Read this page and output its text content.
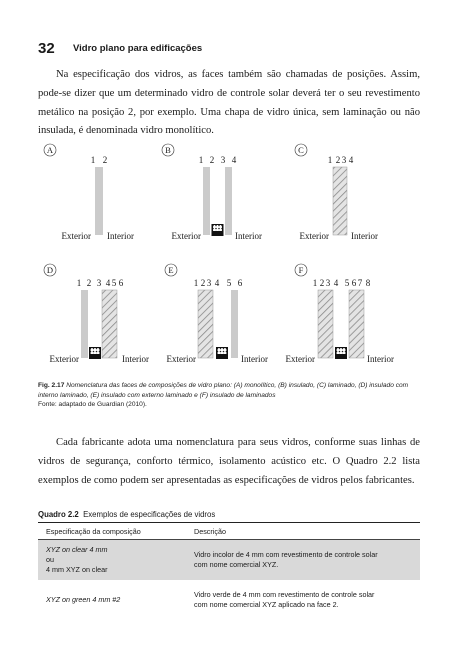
32 Vidro plano para edificações

Na especificação dos vidros, as faces também são chamadas de posições. Assim, pode-se dizer que um determinado vidro de controle solar deverá ter o seu revestimento metálico na posição 2, por exemplo. Uma chapa de vidro única, sem laminação ou não insulada, é denominada vidro monolítico.

A
1 2
Exterior Interior
B
1 2 3 4
Exterior	Interior
C
1 2 3 4
Exterior Interior
D
1 2 3 4 5 6
Exterior	Interior
E
1 2 3 4 5 6
Exterior	Interior
F
1 2 3 4 5 6 7 8
Exterior	Interior
Fig. 2.17 Nomenclatura das faces de composições de vidro plano: (A) monolítico, (B) insulado, (C) laminado, (D) insulado com interno laminado, (E) insulado com externo laminado e (F) insulado de laminados
Fonte: adaptado de Guardian (2010).

Cada fabricante adota uma nomenclatura para seus vidros, conforme suas linhas de vidros de segurança, conforto térmico, isolamento acústico etc. O Quadro 2.2 lista exemplos de como podem ser apresentadas as especificações de vidros pelos fabricantes.

Quadro 2.2 Exemplos de especificações de vidros
Especificação da composição	Descrição
XYZ on clear 4 mm
ou
4 mm XYZ on clear	Vidro incolor de 4 mm com revestimento de controle solar
com nome comercial XYZ.
XYZ on green 4 mm #2	Vidro verde de 4 mm com revestimento de controle solar
com nome comercial XYZ aplicado na face 2.
